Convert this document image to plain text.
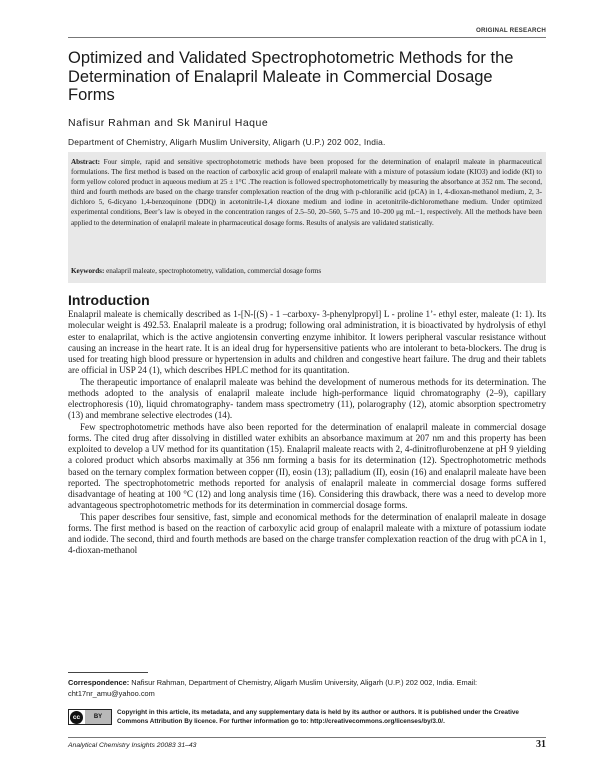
ORIGINAL RESEARCH
Optimized and Validated Spectrophotometric Methods for the Determination of Enalapril Maleate in Commercial Dosage Forms
Nafisur Rahman and Sk Manirul Haque
Department of Chemistry, Aligarh Muslim University, Aligarh (U.P.) 202 002, India.
Abstract: Four simple, rapid and sensitive spectrophotometric methods have been proposed for the determination of enalapril maleate in pharmaceutical formulations. The first method is based on the reaction of carboxylic acid group of enalapril maleate with a mixture of potassium iodate (KIO3) and iodide (KI) to form yellow colored product in aqueous medium at 25 ± 1°C .The reaction is followed spectrophotometrically by measuring the absorbance at 352 nm. The second, third and fourth methods are based on the charge transfer complexation reaction of the drug with p-chloranilic acid (pCA) in 1, 4-dioxan-methanol medium, 2, 3-dichloro 5, 6-dicyano 1,4-benzoquinone (DDQ) in acetonitrile-1,4 dioxane medium and iodine in acetonitrile-dichloromethane medium. Under optimized experimental conditions, Beer’s law is obeyed in the concentration ranges of 2.5–50, 20–560, 5–75 and 10–200 μg mL−1, respectively. All the methods have been applied to the determination of enalapril maleate in pharmaceutical dosage forms. Results of analysis are validated statistically.
Keywords: enalapril maleate, spectrophotometry, validation, commercial dosage forms
Introduction

Enalapril maleate is chemically described as 1-[N-[(S) - 1 –carboxy- 3-phenylpropyl] L - proline 1’- ethyl ester, maleate (1: 1). Its molecular weight is 492.53. Enalapril maleate is a prodrug; following oral administration, it is bioactivated by hydrolysis of ethyl ester to enalaprilat, which is the active angiotensin converting enzyme inhibitor. It lowers peripheral vascular resistance without causing an increase in the heart rate. It is an ideal drug for hypersensitive patients who are intolerant to beta-blockers. The drug is used for treating high blood pressure or hypertension in adults and children and congestive heart failure. The drug and their tablets are official in USP 24 (1), which describes HPLC method for its quantitation.

The therapeutic importance of enalapril maleate was behind the development of numerous methods for its determination. The methods adopted to the analysis of enalapril maleate include high-performance liquid chromatography (2–9), capillary electrophoresis (10), liquid chromatography- tandem mass spectrometry (11), polarography (12), atomic absorption spectrometry (13) and membrane selective electrodes (14).

Few spectrophotometric methods have also been reported for the determination of enalapril maleate in commercial dosage forms. The cited drug after dissolving in distilled water exhibits an absorbance maximum at 207 nm and this property has been exploited to develop a UV method for its quantitation (15). Enalapril maleate reacts with 2, 4-dinitroflurobenzene at pH 9 yielding a colored product which absorbs maximally at 356 nm forming a basis for its determination (12). Spectrophotometric methods based on the ternary complex formation between copper (II), eosin (13); palladium (II), eosin (16) and enalapril maleate have been reported. The spectrophotometric methods reported for analysis of enalapril maleate in commercial dosage forms suffered disadvantage of heating at 100 °C (12) and long analysis time (16). Considering this drawback, there was a need to develop more advantageous spectrophotometric methods for its determination in commercial dosage forms.

This paper describes four sensitive, fast, simple and economical methods for the determination of enalapril maleate in dosage forms. The first method is based on the reaction of carboxylic acid group of enalapril maleate with a mixture of potassium iodate and iodide. The second, third and fourth methods are based on the charge transfer complexation reaction of the drug with pCA in 1, 4-dioxan-methanol

Correspondence: Nafisur Rahman, Department of Chemistry, Aligarh Muslim University, Aligarh (U.P.) 202 002, India. Email: cht17nr_amu@yahoo.com
cc	BY
Copyright in this article, its metadata, and any supplementary data is held by its author or authors. It is published under the Creative Commons Attribution By licence. For further information go to: http://creativecommons.org/licenses/by/3.0/.
Analytical Chemistry Insights 20083 31–43	31
